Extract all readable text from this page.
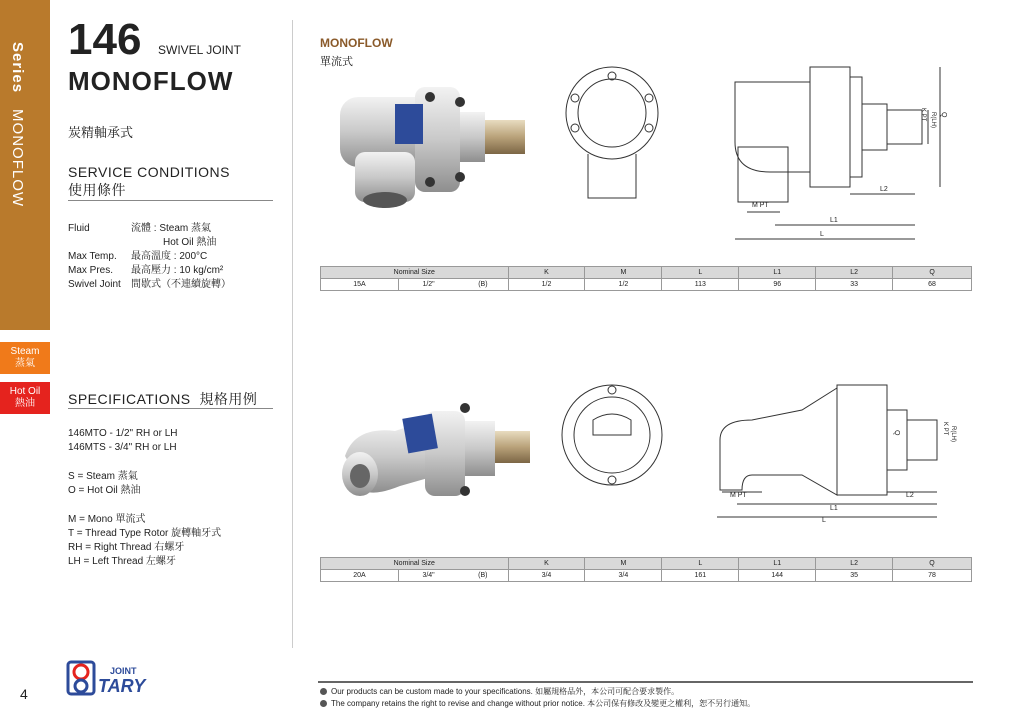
SeriesMONOFLOW
Steam
蒸氣
Hot Oil
熱油
4
146 SWIVEL JOINT
MONOFLOW
炭精軸承式
SERVICE CONDITIONS
使用條件
Fluid	流體 : Steam 蒸氣
Hot Oil 熱油
Max Temp. 最高溫度 : 200°C
Max Pres. 最高壓力 : 10 kg/cm²
Swivel Joint 間歇式（不連續旋轉）
SPECIFICATIONS 規格用例
146MTO - 1/2" RH or LH
146MTS - 3/4" RH or LH
S = Steam 蒸氣
O = Hot Oil 熱油
M = Mono 單流式
T = Thread Type Rotor 旋轉軸牙式
RH = Right Thread 右螺牙
LH = Left Thread 左螺牙
JOINT
TARY
MONOFLOW
單流式
M PT
L2
L1
L
K PT R(LH) Q
Nominal Size			K	M	L	L1	L2	Q
15A	1/2"	(B)	1/2	1/2	113	96	33	68
M PT	L2
L1
L
Q	K PT R(LH)
Nominal Size			K	M	L	L1	L2	Q
20A	3/4"	(B)	3/4	3/4	161	144	35	78
Our products can be custom made to your specifications. 如屬規格品外，本公司可配合要求製作。
The company retains the right to revise and change without prior notice. 本公司保有修改及變更之權利，恕不另行通知。
